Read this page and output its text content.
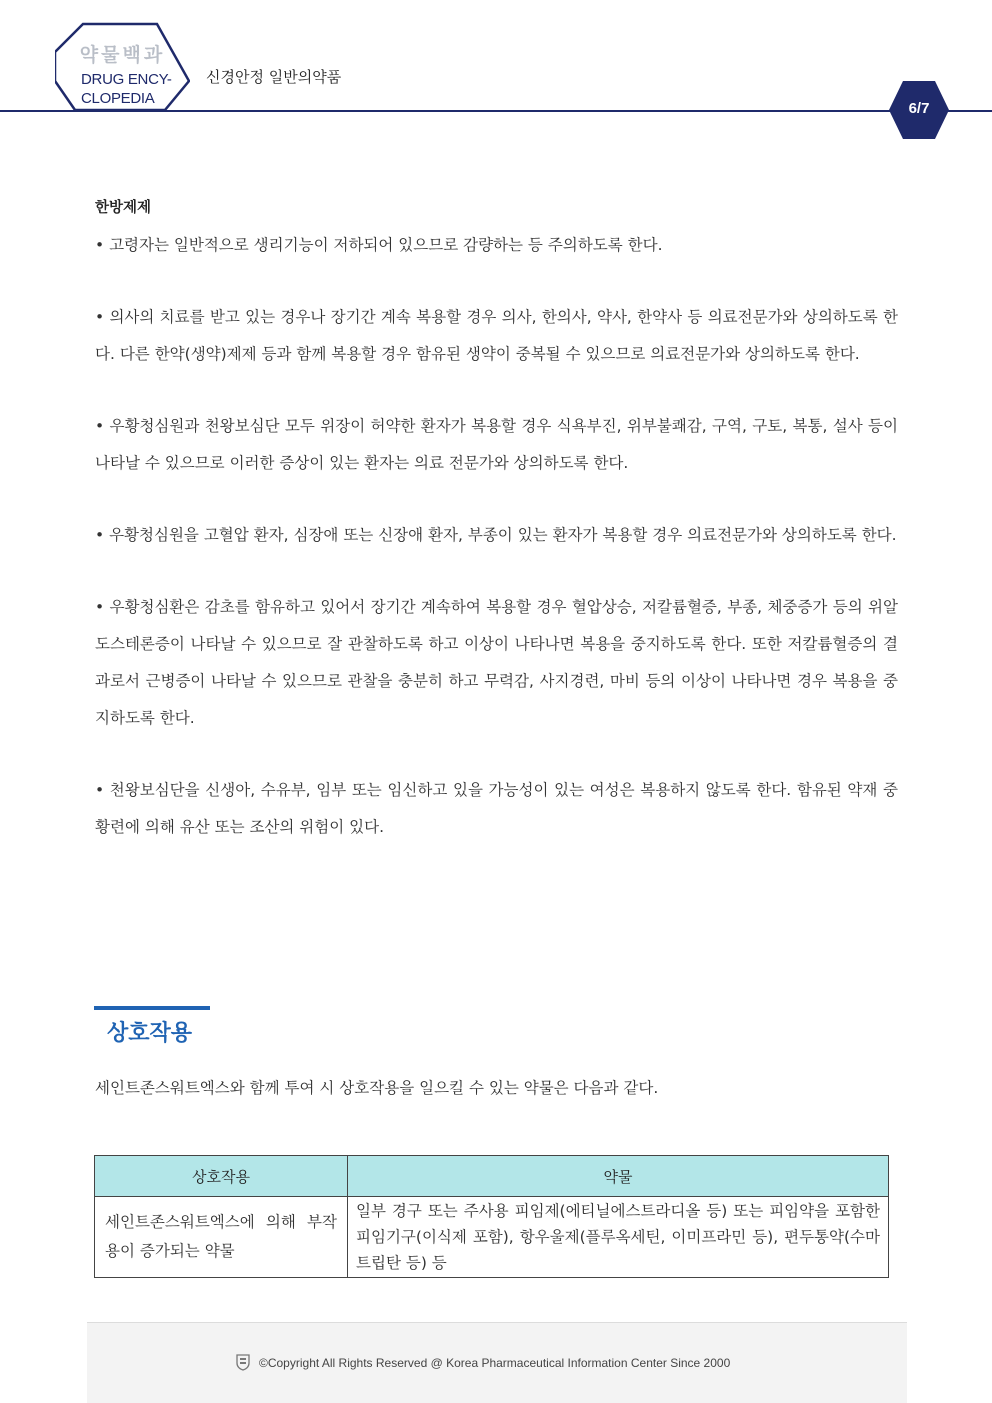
약물백과
DRUG ENCY-
CLOPEDIA
신경안정 일반의약품
6/7
한방제제

• 고령자는 일반적으로 생리기능이 저하되어 있으므로 감량하는 등 주의하도록 한다.

• 의사의 치료를 받고 있는 경우나 장기간 계속 복용할 경우 의사, 한의사, 약사, 한약사 등 의료전문가와 상의하도록 한다. 다른 한약(생약)제제 등과 함께 복용할 경우 함유된 생약이 중복될 수 있으므로 의료전문가와 상의하도록 한다.

• 우황청심원과 천왕보심단 모두 위장이 허약한 환자가 복용할 경우 식욕부진, 위부불쾌감, 구역, 구토, 복통, 설사 등이 나타날 수 있으므로 이러한 증상이 있는 환자는 의료 전문가와 상의하도록 한다.

• 우황청심원을 고혈압 환자, 심장애 또는 신장애 환자, 부종이 있는 환자가 복용할 경우 의료전문가와 상의하도록 한다.

• 우황청심환은 감초를 함유하고 있어서 장기간 계속하여 복용할 경우 혈압상승, 저칼륨혈증, 부종, 체중증가 등의 위알도스테론증이 나타날 수 있으므로 잘 관찰하도록 하고 이상이 나타나면 복용을 중지하도록 한다. 또한 저칼륨혈증의 결과로서 근병증이 나타날 수 있으므로 관찰을 충분히 하고 무력감, 사지경련, 마비 등의 이상이 나타나면 경우 복용을 중지하도록 한다.

• 천왕보심단을 신생아, 수유부, 임부 또는 임신하고 있을 가능성이 있는 여성은 복용하지 않도록 한다. 함유된 약재 중 황련에 의해 유산 또는 조산의 위험이 있다.

상호작용
세인트존스워트엑스와 함께 투여 시 상호작용을 일으킬 수 있는 약물은 다음과 같다.
상호작용	약물
세인트존스워트엑스에 의해 부작용이 증가되는 약물	일부 경구 또는 주사용 피임제(에티닐에스트라디올 등) 또는 피임약을 포함한 피임기구(이식제 포함), 항우울제(플루옥세틴, 이미프라민 등), 편두통약(수마트립탄 등) 등
©Copyright All Rights Reserved @ Korea Pharmaceutical Information Center Since 2000
